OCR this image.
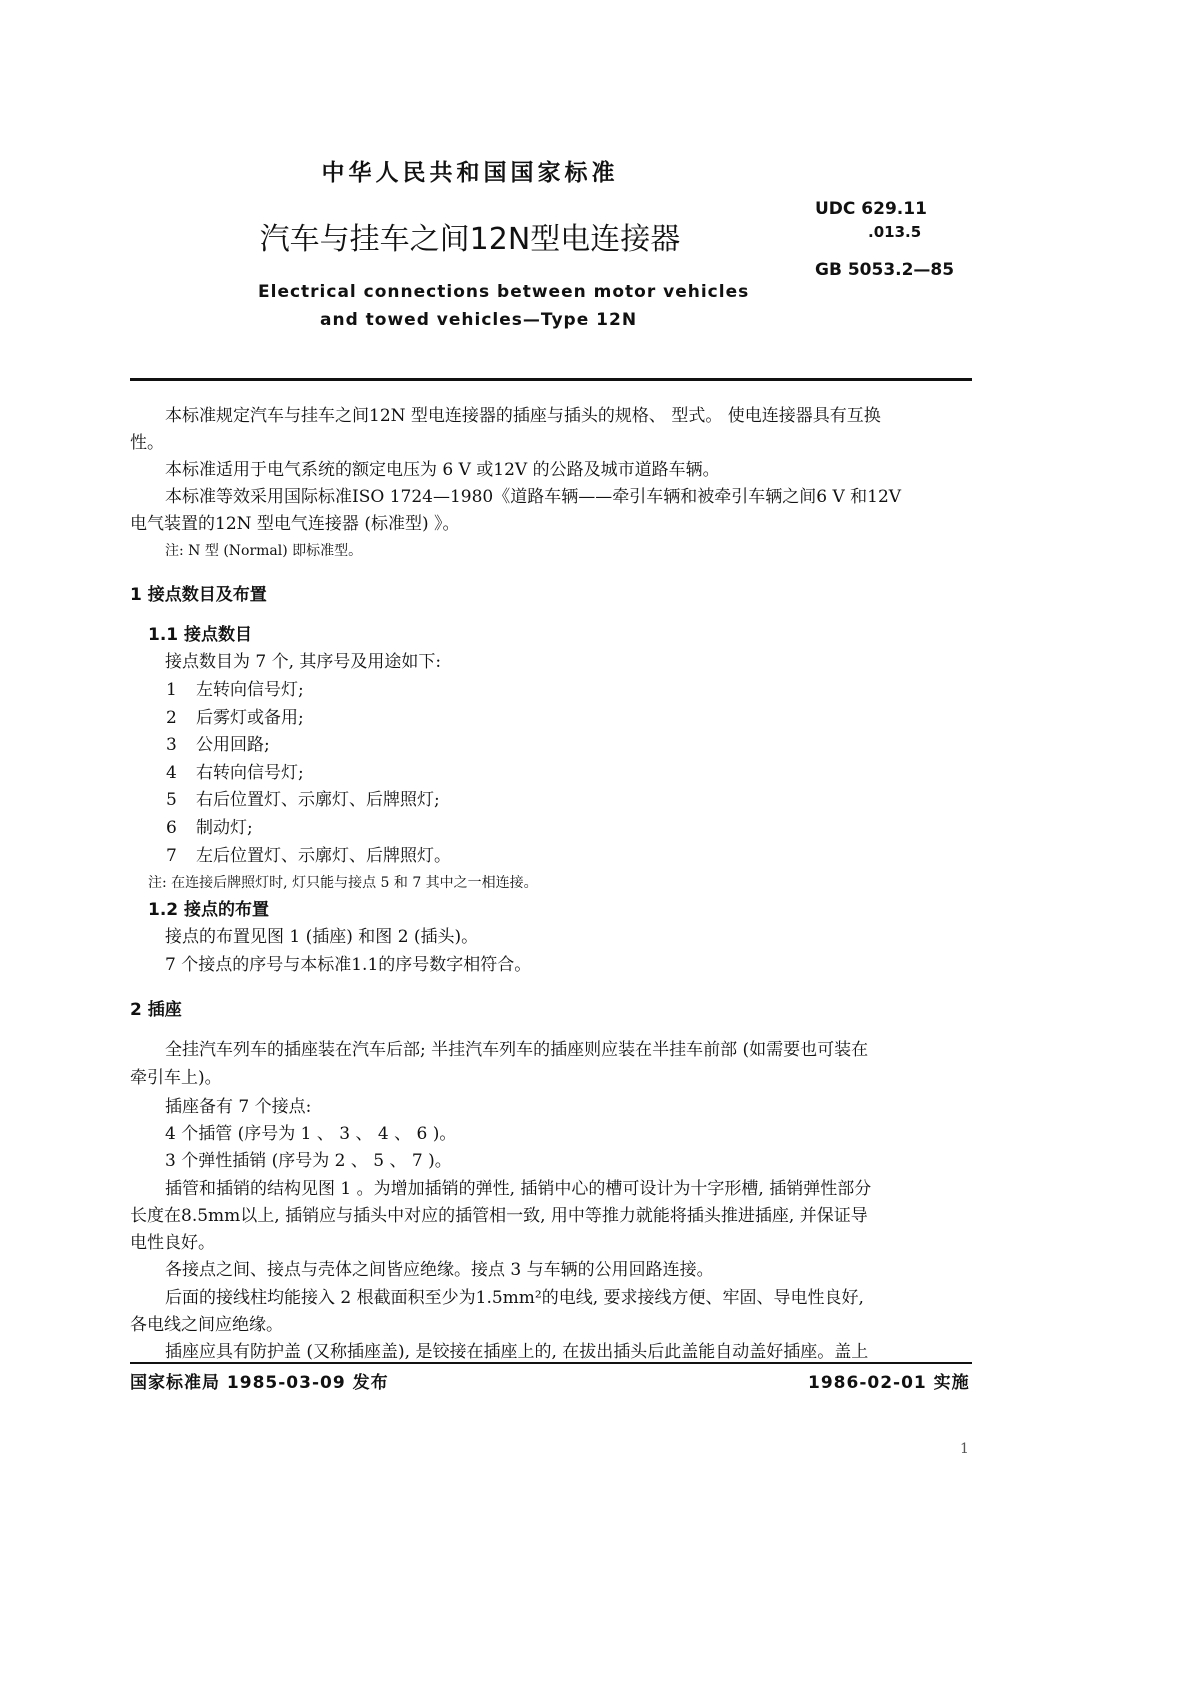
中华人民共和国国家标准
汽车与挂车之间12N型电连接器
UDC 629.11
.013.5
GB 5053.2—85
Electrical connections between motor vehicles
and towed vehicles—Type 12N
本标准规定汽车与挂车之间12N 型电连接器的插座与插头的规格、 型式。 使电连接器具有互换
性。
本标准适用于电气系统的额定电压为 6 V 或12V 的公路及城市道路车辆。
本标准等效采用国际标准ISO 1724—1980《道路车辆——牵引车辆和被牵引车辆之间6 V 和12V
电气装置的12N 型电气连接器 (标准型) 》。
注: N 型 (Normal) 即标准型。
1 接点数目及布置
1.1 接点数目
接点数目为 7 个, 其序号及用途如下:
1 左转向信号灯;
2 后雾灯或备用;
3 公用回路;
4 右转向信号灯;
5 右后位置灯、示廓灯、后牌照灯;
6 制动灯;
7 左后位置灯、示廓灯、后牌照灯。
注: 在连接后牌照灯时, 灯只能与接点 5 和 7 其中之一相连接。
1.2 接点的布置
接点的布置见图 1 (插座) 和图 2 (插头)。
7 个接点的序号与本标准1.1的序号数字相符合。
2 插座
全挂汽车列车的插座装在汽车后部; 半挂汽车列车的插座则应装在半挂车前部 (如需要也可装在
牵引车上)。
插座备有 7 个接点:
4 个插管 (序号为 1 、 3 、 4 、 6 )。
3 个弹性插销 (序号为 2 、 5 、 7 )。
插管和插销的结构见图 1 。为增加插销的弹性, 插销中心的槽可设计为十字形槽, 插销弹性部分
长度在8.5mm以上, 插销应与插头中对应的插管相一致, 用中等推力就能将插头推进插座, 并保证导
电性良好。
各接点之间、接点与壳体之间皆应绝缘。接点 3 与车辆的公用回路连接。
后面的接线柱均能接入 2 根截面积至少为1.5mm²的电线, 要求接线方便、牢固、导电性良好,
各电线之间应绝缘。
插座应具有防护盖 (又称插座盖), 是铰接在插座上的, 在拔出插头后此盖能自动盖好插座。盖上
国家标准局 1985-03-09 发布	1986-02-01 实施
1
